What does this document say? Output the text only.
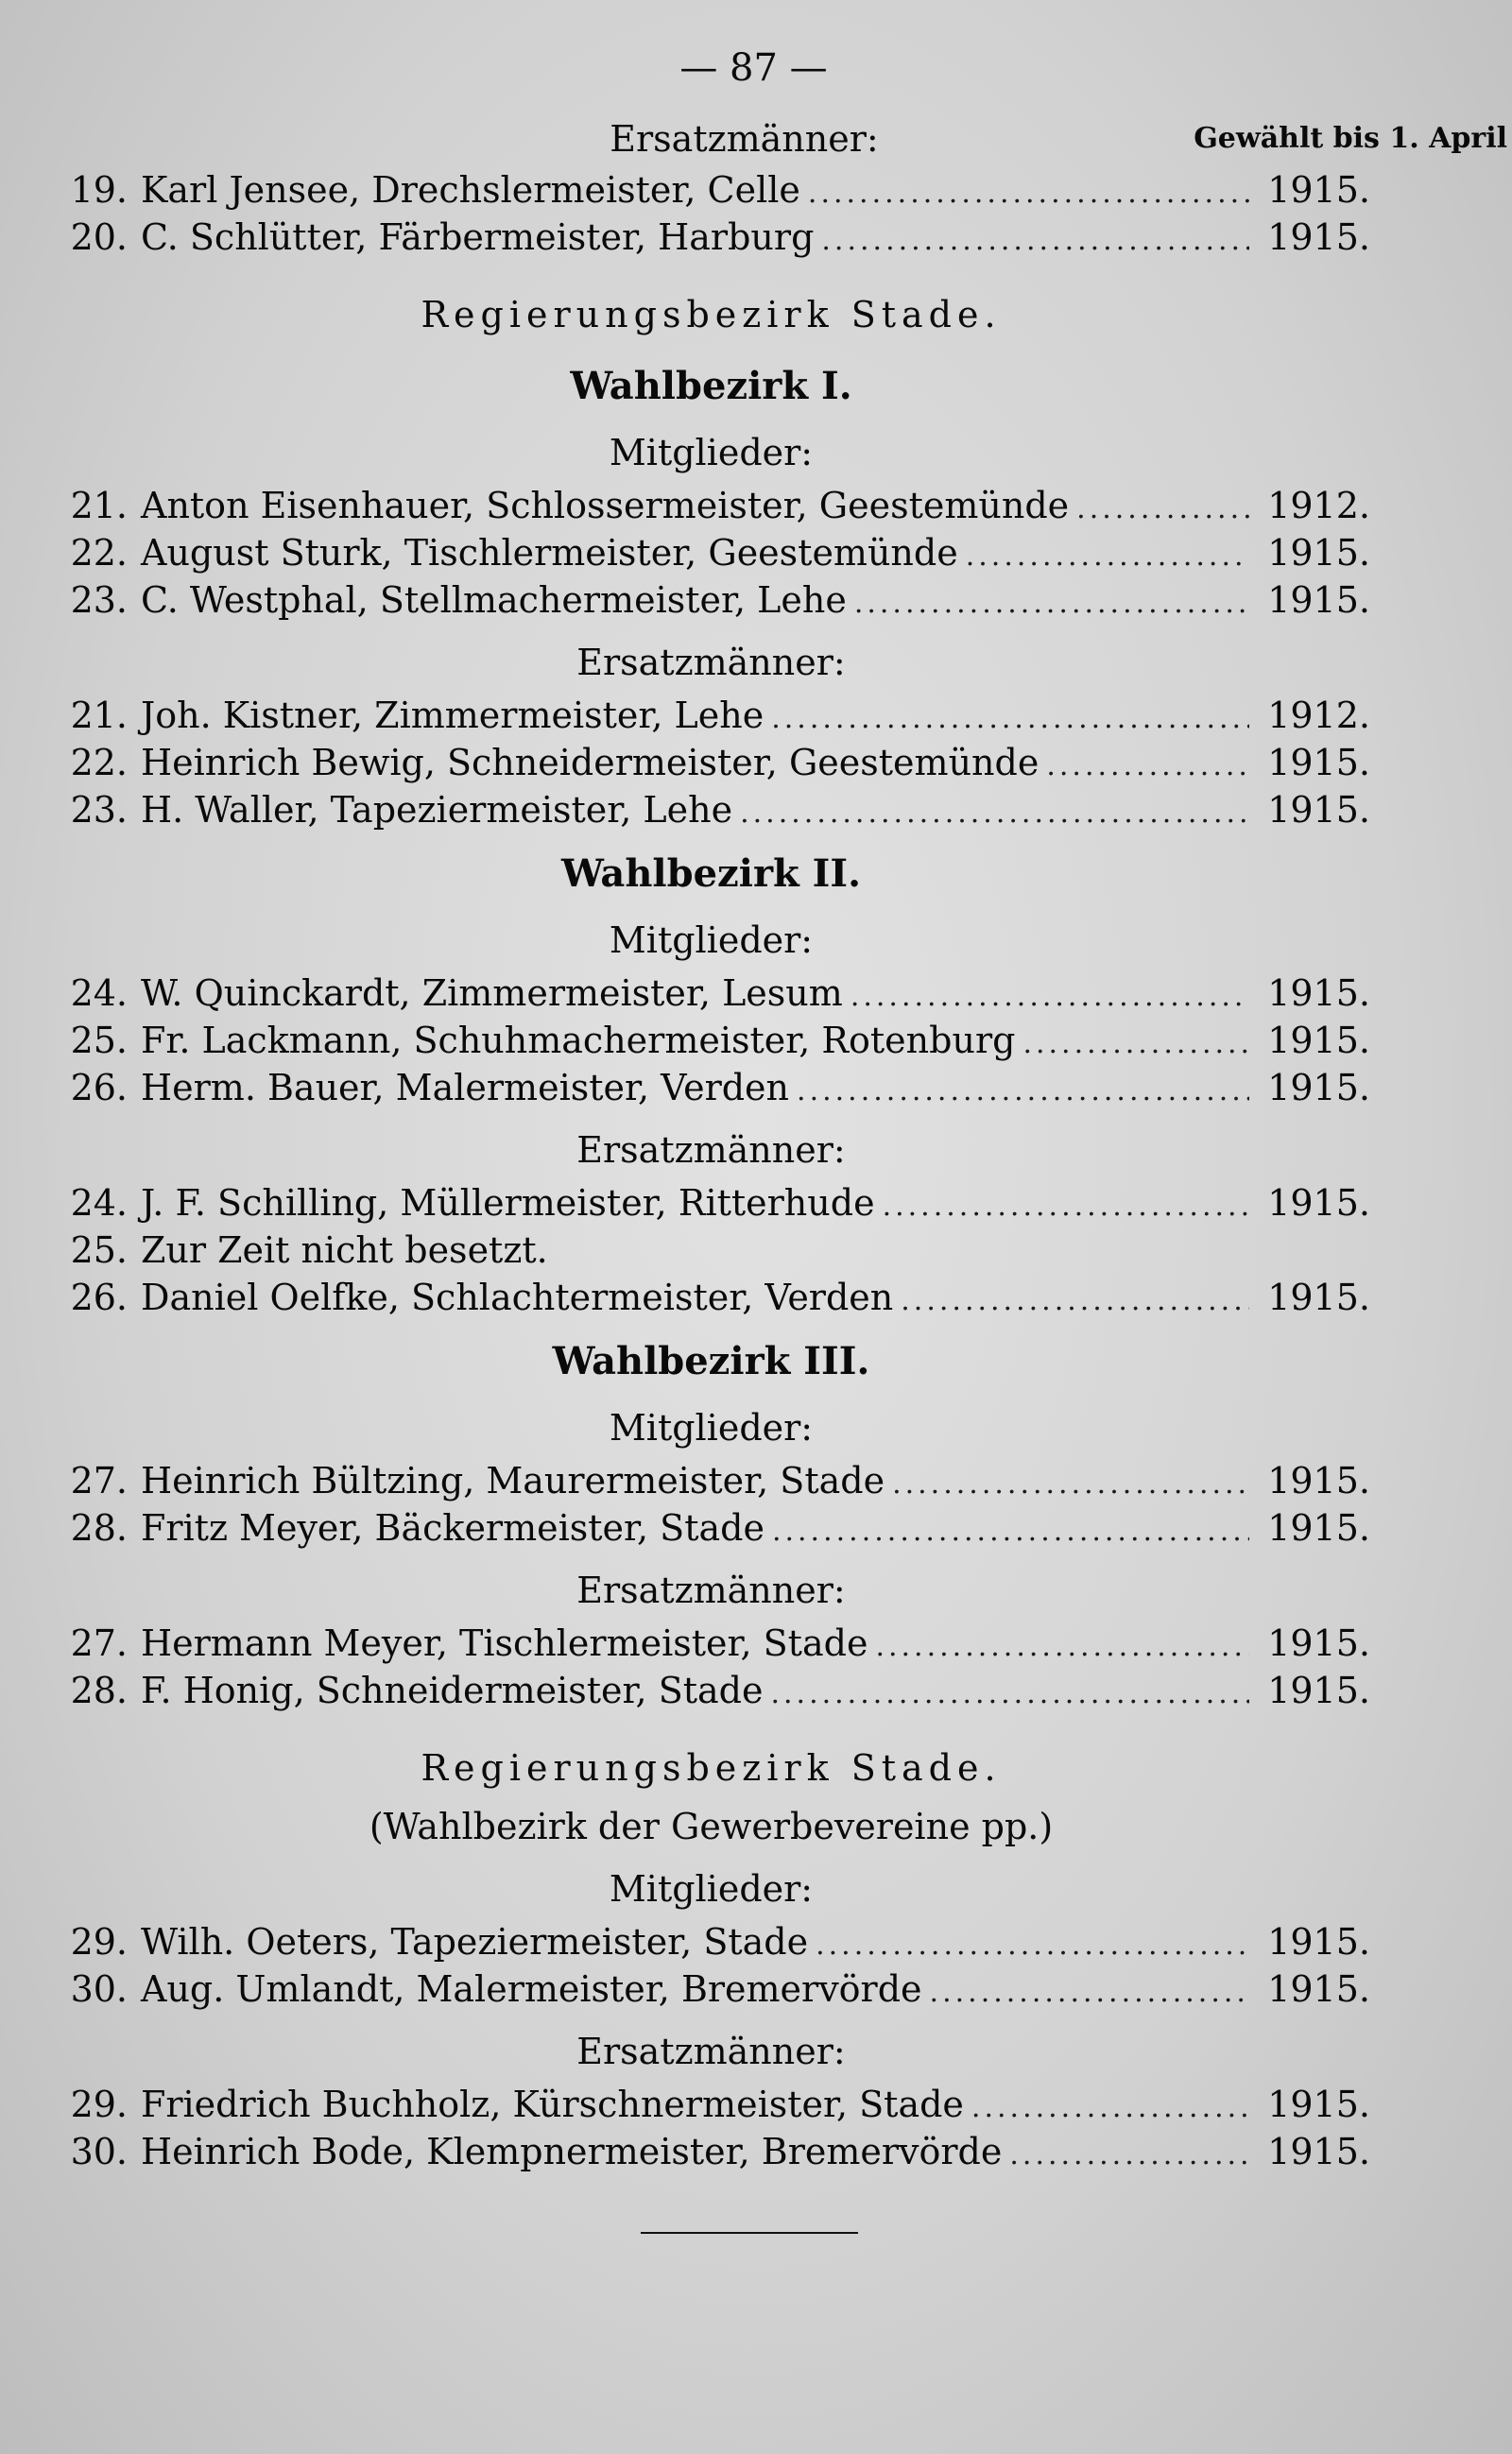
— 87 —
Ersatzmänner:	Gewählt bis 1. April
19. Karl Jensee, Drechslermeister, Celle .....	1915.
20. C. Schlütter, Färbermeister, Harburg .....	1915.
Regierungsbezirk Stade.
Wahlbezirk I.
Mitglieder:
21. Anton Eisenhauer, Schlossermeister, Geestemünde .....	1912.
22. August Sturk, Tischlermeister, Geestemünde .....	1915.
23. C. Westphal, Stellmachermeister, Lehe .....	1915.
Ersatzmänner:
21. Joh. Kistner, Zimmermeister, Lehe .....	1912.
22. Heinrich Bewig, Schneidermeister, Geestemünde .....	1915.
23. H. Waller, Tapeziermeister, Lehe .....	1915.
Wahlbezirk II.
Mitglieder:
24. W. Quinckardt, Zimmermeister, Lesum .....	1915.
25. Fr. Lackmann, Schuhmachermeister, Rotenburg .....	1915.
26. Herm. Bauer, Malermeister, Verden .....	1915.
Ersatzmänner:
24. J. F. Schilling, Müllermeister, Ritterhude .....	1915.
25. Zur Zeit nicht besetzt.
26. Daniel Oelfke, Schlachtermeister, Verden .....	1915.
Wahlbezirk III.
Mitglieder:
27. Heinrich Bültzing, Maurermeister, Stade .....	1915.
28. Fritz Meyer, Bäckermeister, Stade .....	1915.
Ersatzmänner:
27. Hermann Meyer, Tischlermeister, Stade .....	1915.
28. F. Honig, Schneidermeister, Stade .....	1915.
Regierungsbezirk Stade.
(Wahlbezirk der Gewerbevereine pp.)
Mitglieder:
29. Wilh. Oeters, Tapeziermeister, Stade .....	1915.
30. Aug. Umlandt, Malermeister, Bremervörde .....	1915.
Ersatzmänner:
29. Friedrich Buchholz, Kürschnermeister, Stade .....	1915.
30. Heinrich Bode, Klempnermeister, Bremervörde .....	1915.
